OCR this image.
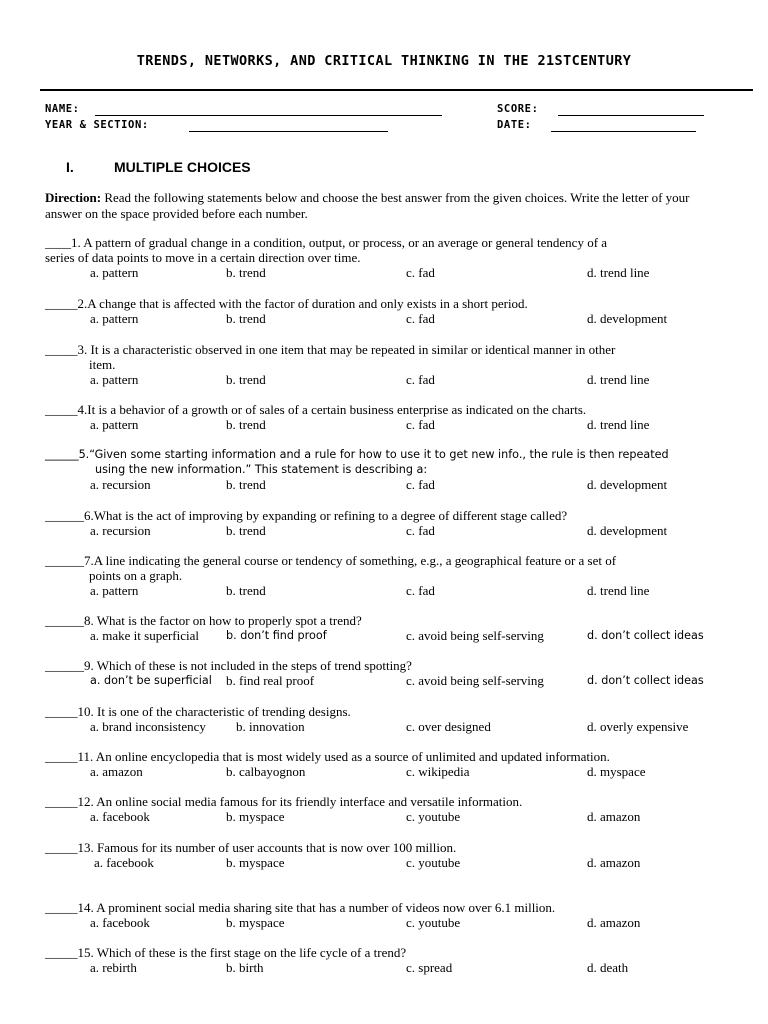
TRENDS, NETWORKS, AND CRITICAL THINKING IN THE 21STCENTURY
NAME:	SCORE:
YEAR & SECTION:	DATE:
I.	MULTIPLE CHOICES
Direction: Read the following statements below and choose the best answer from the given choices. Write the letter of your answer on the space provided before each number.
____1. A pattern of gradual change in a condition, output, or process, or an average or general tendency of a
series of data points to move in a certain direction over time.
a. pattern	b. trend	c. fad	d. trend line
_____2.A change that is affected with the factor of duration and only exists in a short period.
a. pattern	b. trend	c. fad	d. development
_____3. It is a characteristic observed in one item that may be repeated in similar or identical manner in other
item.
a. pattern	b. trend	c. fad	d. trend line
_____4.It is a behavior of a growth or of sales of a certain business enterprise as indicated on the charts.
a. pattern	b. trend	c. fad	d. trend line
______5.“Given some starting information and a rule for how to use it to get new info., the rule is then repeated
using the new information.” This statement is describing a:
a. recursion	b. trend	c. fad	d. development
______6.What is the act of improving by expanding or refining to a degree of different stage called?
a. recursion	b. trend	c. fad	d. development
______7.A line indicating the general course or tendency of something, e.g., a geographical feature or a set of
points on a graph.
a. pattern	b. trend	c. fad	d. trend line
______8. What is the factor on how to properly spot a trend?
a. make it superficial b. don’t find proof	c. avoid being self-serving	d. don’t collect ideas
______9. Which of these is not included in the steps of trend spotting?
a. don’t be superficial b. find real proof	c. avoid being self-serving	d. don’t collect ideas
_____10. It is one of the characteristic of trending designs.
a. brand inconsistency b. innovation	c. over designed	d. overly expensive
_____11. An online encyclopedia that is most widely used as a source of unlimited and updated information.
a. amazon	b. calbayognon	c. wikipedia	d. myspace
_____12. An online social media famous for its friendly interface and versatile information.
a. facebook	b. myspace	c. youtube	d. amazon
_____13. Famous for its number of user accounts that is now over 100 million.
a. facebook	b. myspace	c. youtube	d. amazon
_____14. A prominent social media sharing site that has a number of videos now over 6.1 million.
a. facebook	b. myspace	c. youtube	d. amazon
_____15. Which of these is the first stage on the life cycle of a trend?
a. rebirth	b. birth	c. spread	d. death
